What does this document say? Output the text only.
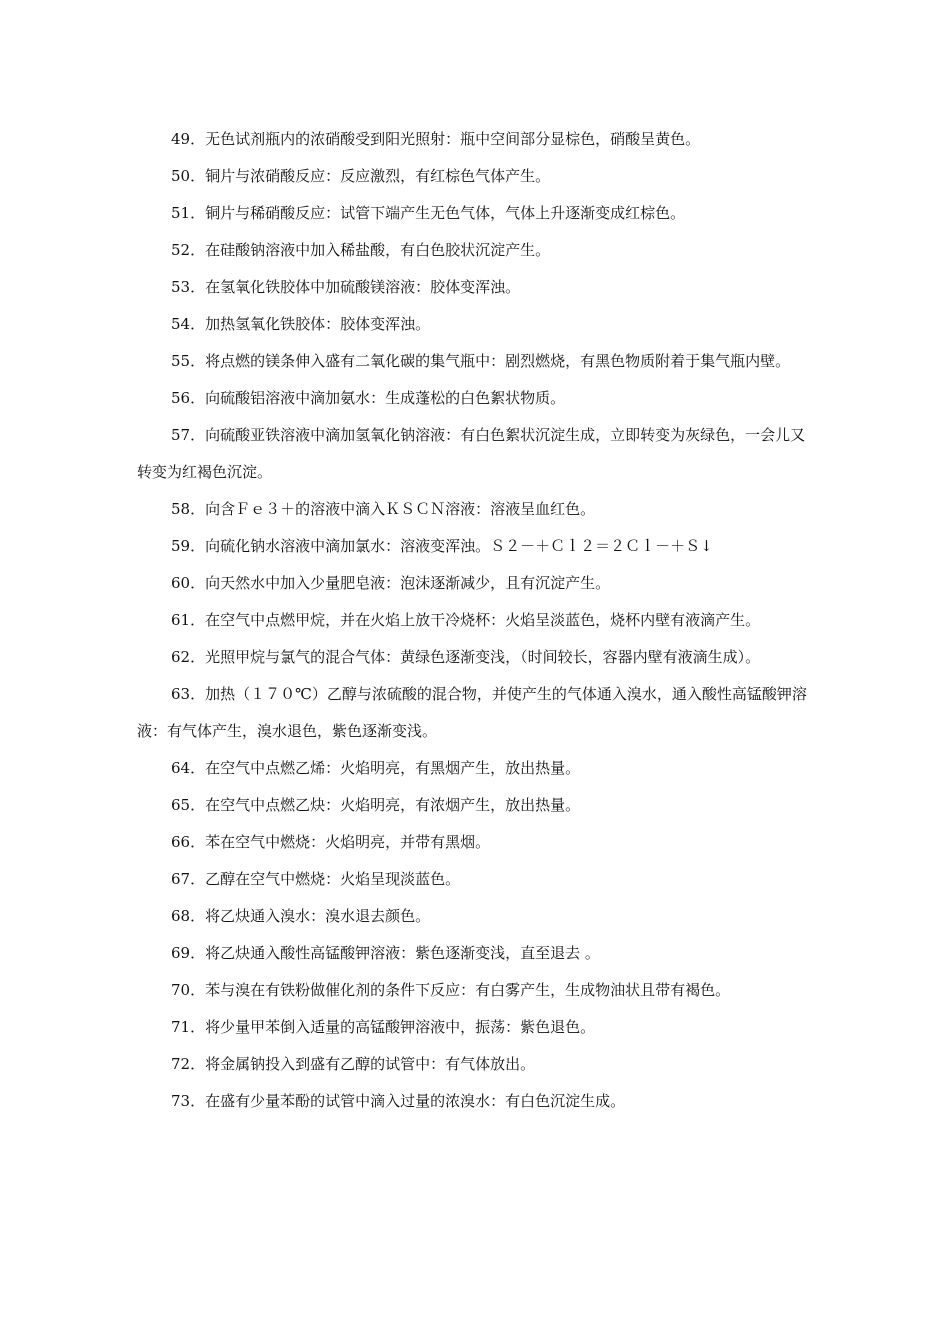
49．无色试剂瓶内的浓硝酸受到阳光照射：瓶中空间部分显棕色，硝酸呈黄色。

50．铜片与浓硝酸反应：反应激烈，有红棕色气体产生。

51．铜片与稀硝酸反应：试管下端产生无色气体，气体上升逐渐变成红棕色。

52．在硅酸钠溶液中加入稀盐酸，有白色胶状沉淀产生。

53．在氢氧化铁胶体中加硫酸镁溶液：胶体变浑浊。

54．加热氢氧化铁胶体：胶体变浑浊。

55．将点燃的镁条伸入盛有二氧化碳的集气瓶中：剧烈燃烧，有黑色物质附着于集气瓶内壁。

56．向硫酸铝溶液中滴加氨水：生成蓬松的白色絮状物质。

57．向硫酸亚铁溶液中滴加氢氧化钠溶液：有白色絮状沉淀生成，立即转变为灰绿色，一会儿又转变为红褐色沉淀。

58．向含Ｆｅ３＋的溶液中滴入ＫＳＣＮ溶液：溶液呈血红色。

59．向硫化钠水溶液中滴加氯水：溶液变浑浊。Ｓ２－＋Ｃｌ２＝２Ｃｌ－＋Ｓ↓

60．向天然水中加入少量肥皂液：泡沫逐渐减少，且有沉淀产生。

61．在空气中点燃甲烷，并在火焰上放干冷烧杯：火焰呈淡蓝色，烧杯内壁有液滴产生。

62．光照甲烷与氯气的混合气体：黄绿色逐渐变浅，（时间较长，容器内壁有液滴生成）。

63．加热（１７０℃）乙醇与浓硫酸的混合物，并使产生的气体通入溴水，通入酸性高锰酸钾溶液：有气体产生，溴水退色，紫色逐渐变浅。

64．在空气中点燃乙烯：火焰明亮，有黑烟产生，放出热量。

65．在空气中点燃乙炔：火焰明亮，有浓烟产生，放出热量。

66．苯在空气中燃烧：火焰明亮，并带有黑烟。

67．乙醇在空气中燃烧：火焰呈现淡蓝色。

68．将乙炔通入溴水：溴水退去颜色。

69．将乙炔通入酸性高锰酸钾溶液：紫色逐渐变浅，直至退去 。

70．苯与溴在有铁粉做催化剂的条件下反应：有白雾产生，生成物油状且带有褐色。

71．将少量甲苯倒入适量的高锰酸钾溶液中，振荡：紫色退色。

72．将金属钠投入到盛有乙醇的试管中：有气体放出。

73．在盛有少量苯酚的试管中滴入过量的浓溴水：有白色沉淀生成。
